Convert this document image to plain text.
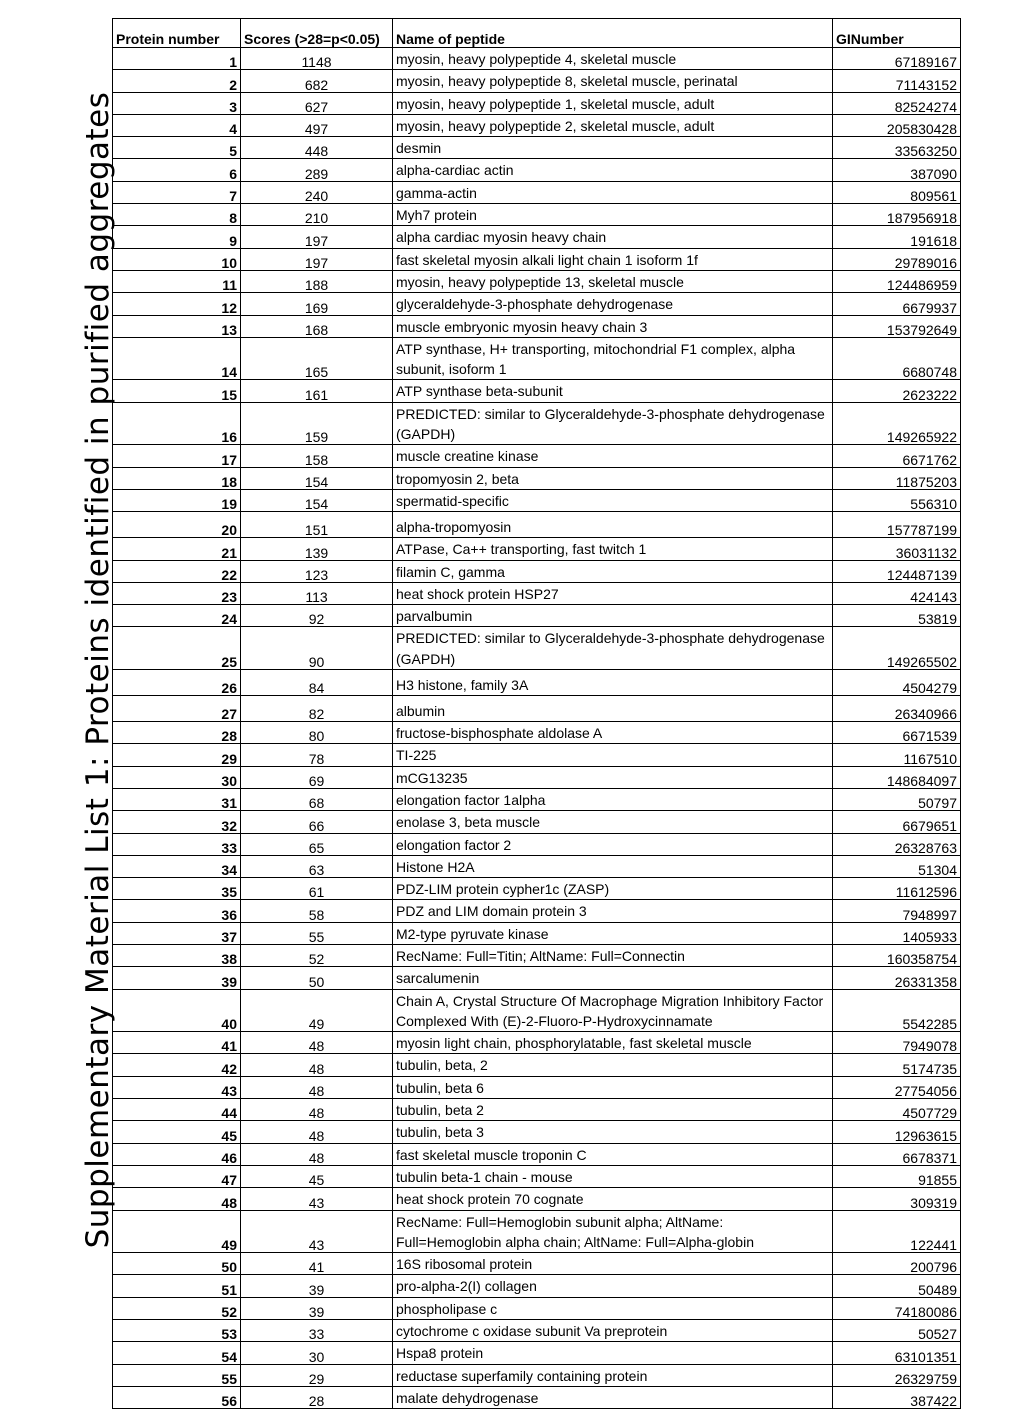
Supplementary Material List 1: Proteins identified in purified aggregates
Protein number	Scores (>28=p<0.05)	Name of peptide	GINumber
1	1148	myosin, heavy polypeptide 4, skeletal muscle	67189167
2	682	myosin, heavy polypeptide 8, skeletal muscle, perinatal	71143152
3	627	myosin, heavy polypeptide 1, skeletal muscle, adult	82524274
4	497	myosin, heavy polypeptide 2, skeletal muscle, adult	205830428
5	448	desmin	33563250
6	289	alpha-cardiac actin	387090
7	240	gamma-actin	809561
8	210	Myh7 protein	187956918
9	197	alpha cardiac myosin heavy chain	191618
10	197	fast skeletal myosin alkali light chain 1 isoform 1f	29789016
11	188	myosin, heavy polypeptide 13, skeletal muscle	124486959
12	169	glyceraldehyde-3-phosphate dehydrogenase	6679937
13	168	muscle embryonic myosin heavy chain 3	153792649
14	165	ATP synthase, H+ transporting, mitochondrial F1 complex, alpha subunit, isoform 1	6680748
15	161	ATP synthase beta-subunit	2623222
16	159	PREDICTED: similar to Glyceraldehyde-3-phosphate dehydrogenase (GAPDH)	149265922
17	158	muscle creatine kinase	6671762
18	154	tropomyosin 2, beta	11875203
19	154	spermatid-specific	556310
20	151	alpha-tropomyosin	157787199
21	139	ATPase, Ca++ transporting, fast twitch 1	36031132
22	123	filamin C, gamma	124487139
23	113	heat shock protein HSP27	424143
24	92	parvalbumin	53819
25	90	PREDICTED: similar to Glyceraldehyde-3-phosphate dehydrogenase (GAPDH)	149265502
26	84	H3 histone, family 3A	4504279
27	82	albumin	26340966
28	80	fructose-bisphosphate aldolase A	6671539
29	78	TI-225	1167510
30	69	mCG13235	148684097
31	68	elongation factor 1alpha	50797
32	66	enolase 3, beta muscle	6679651
33	65	elongation factor 2	26328763
34	63	Histone H2A	51304
35	61	PDZ-LIM protein cypher1c (ZASP)	11612596
36	58	PDZ and LIM domain protein 3	7948997
37	55	M2-type pyruvate kinase	1405933
38	52	RecName: Full=Titin; AltName: Full=Connectin	160358754
39	50	sarcalumenin	26331358
40	49	Chain A, Crystal Structure Of Macrophage Migration Inhibitory Factor Complexed With (E)-2-Fluoro-P-Hydroxycinnamate	5542285
41	48	myosin light chain, phosphorylatable, fast skeletal muscle	7949078
42	48	tubulin, beta, 2	5174735
43	48	tubulin, beta 6	27754056
44	48	tubulin, beta 2	4507729
45	48	tubulin, beta 3	12963615
46	48	fast skeletal muscle troponin C	6678371
47	45	tubulin beta-1 chain - mouse	91855
48	43	heat shock protein 70 cognate	309319
49	43	RecName: Full=Hemoglobin subunit alpha; AltName: Full=Hemoglobin alpha chain; AltName: Full=Alpha-globin	122441
50	41	16S ribosomal protein	200796
51	39	pro-alpha-2(I) collagen	50489
52	39	phospholipase c	74180086
53	33	cytochrome c oxidase subunit Va preprotein	50527
54	30	Hspa8 protein	63101351
55	29	reductase superfamily containing protein	26329759
56	28	malate dehydrogenase	387422
